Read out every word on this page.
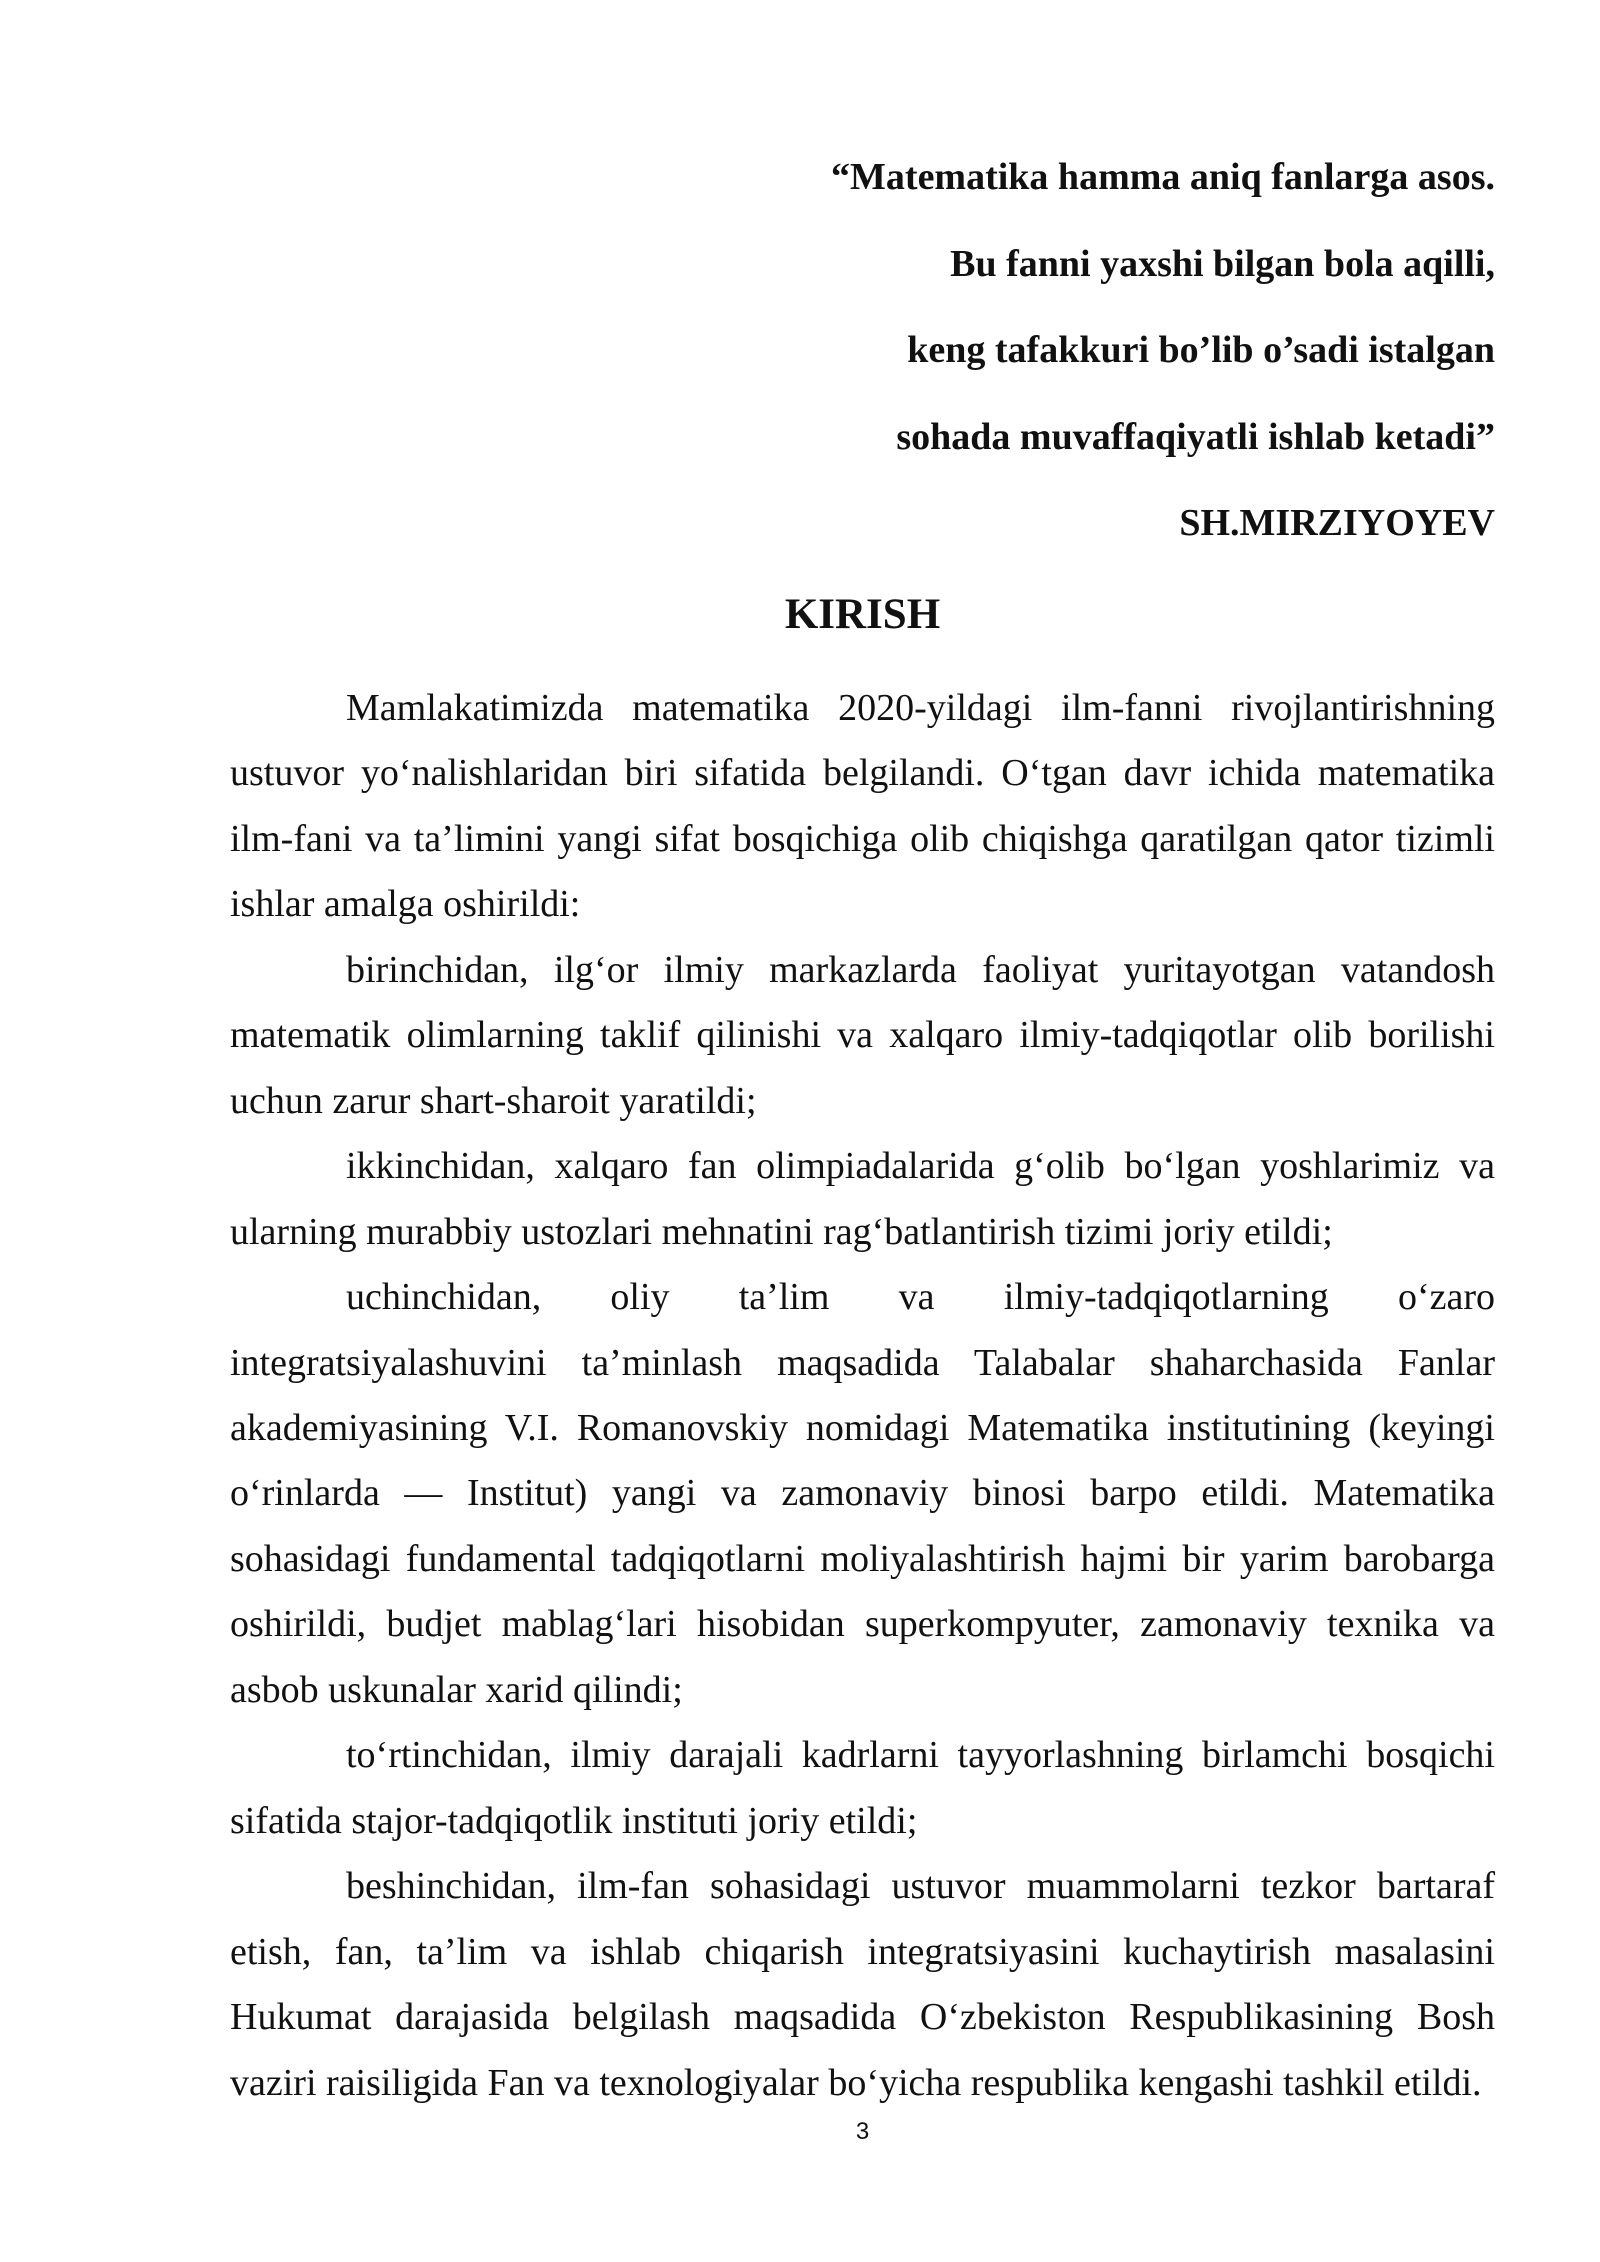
“Matematika hamma aniq fanlarga asos.
Bu fanni yaxshi bilgan bola aqilli,
keng tafakkuri bo’lib o’sadi istalgan
sohada muvaffaqiyatli ishlab ketadi”
SH.MIRZIYOYEV
KIRISH
Mamlakatimizda matematika 2020-yildagi ilm-fanni rivojlantirishning
ustuvor yo‘nalishlaridan biri sifatida belgilandi. O‘tgan davr ichida matematika
ilm-fani va ta’limini yangi sifat bosqichiga olib chiqishga qaratilgan qator tizimli
ishlar amalga oshirildi:
birinchidan, ilg‘or ilmiy markazlarda faoliyat yuritayotgan vatandosh
matematik olimlarning taklif qilinishi va xalqaro ilmiy-tadqiqotlar olib borilishi
uchun zarur shart-sharoit yaratildi;
ikkinchidan, xalqaro fan olimpiadalarida g‘olib bo‘lgan yoshlarimiz va
ularning murabbiy ustozlari mehnatini rag‘batlantirish tizimi joriy etildi;
uchinchidan, oliy ta’lim va ilmiy-tadqiqotlarning o‘zaro
integratsiyalashuvini ta’minlash maqsadida Talabalar shaharchasida Fanlar
akademiyasining V.I. Romanovskiy nomidagi Matematika institutining (keyingi
o‘rinlarda — Institut) yangi va zamonaviy binosi barpo etildi. Matematika
sohasidagi fundamental tadqiqotlarni moliyalashtirish hajmi bir yarim barobarga
oshirildi, budjet mablag‘lari hisobidan superkompyuter, zamonaviy texnika va
asbob uskunalar xarid qilindi;
to‘rtinchidan, ilmiy darajali kadrlarni tayyorlashning birlamchi bosqichi
sifatida stajor-tadqiqotlik instituti joriy etildi;
beshinchidan, ilm-fan sohasidagi ustuvor muammolarni tezkor bartaraf
etish, fan, ta’lim va ishlab chiqarish integratsiyasini kuchaytirish masalasini
Hukumat darajasida belgilash maqsadida O‘zbekiston Respublikasining Bosh
vaziri raisiligida Fan va texnologiyalar bo‘yicha respublika kengashi tashkil etildi.
3
